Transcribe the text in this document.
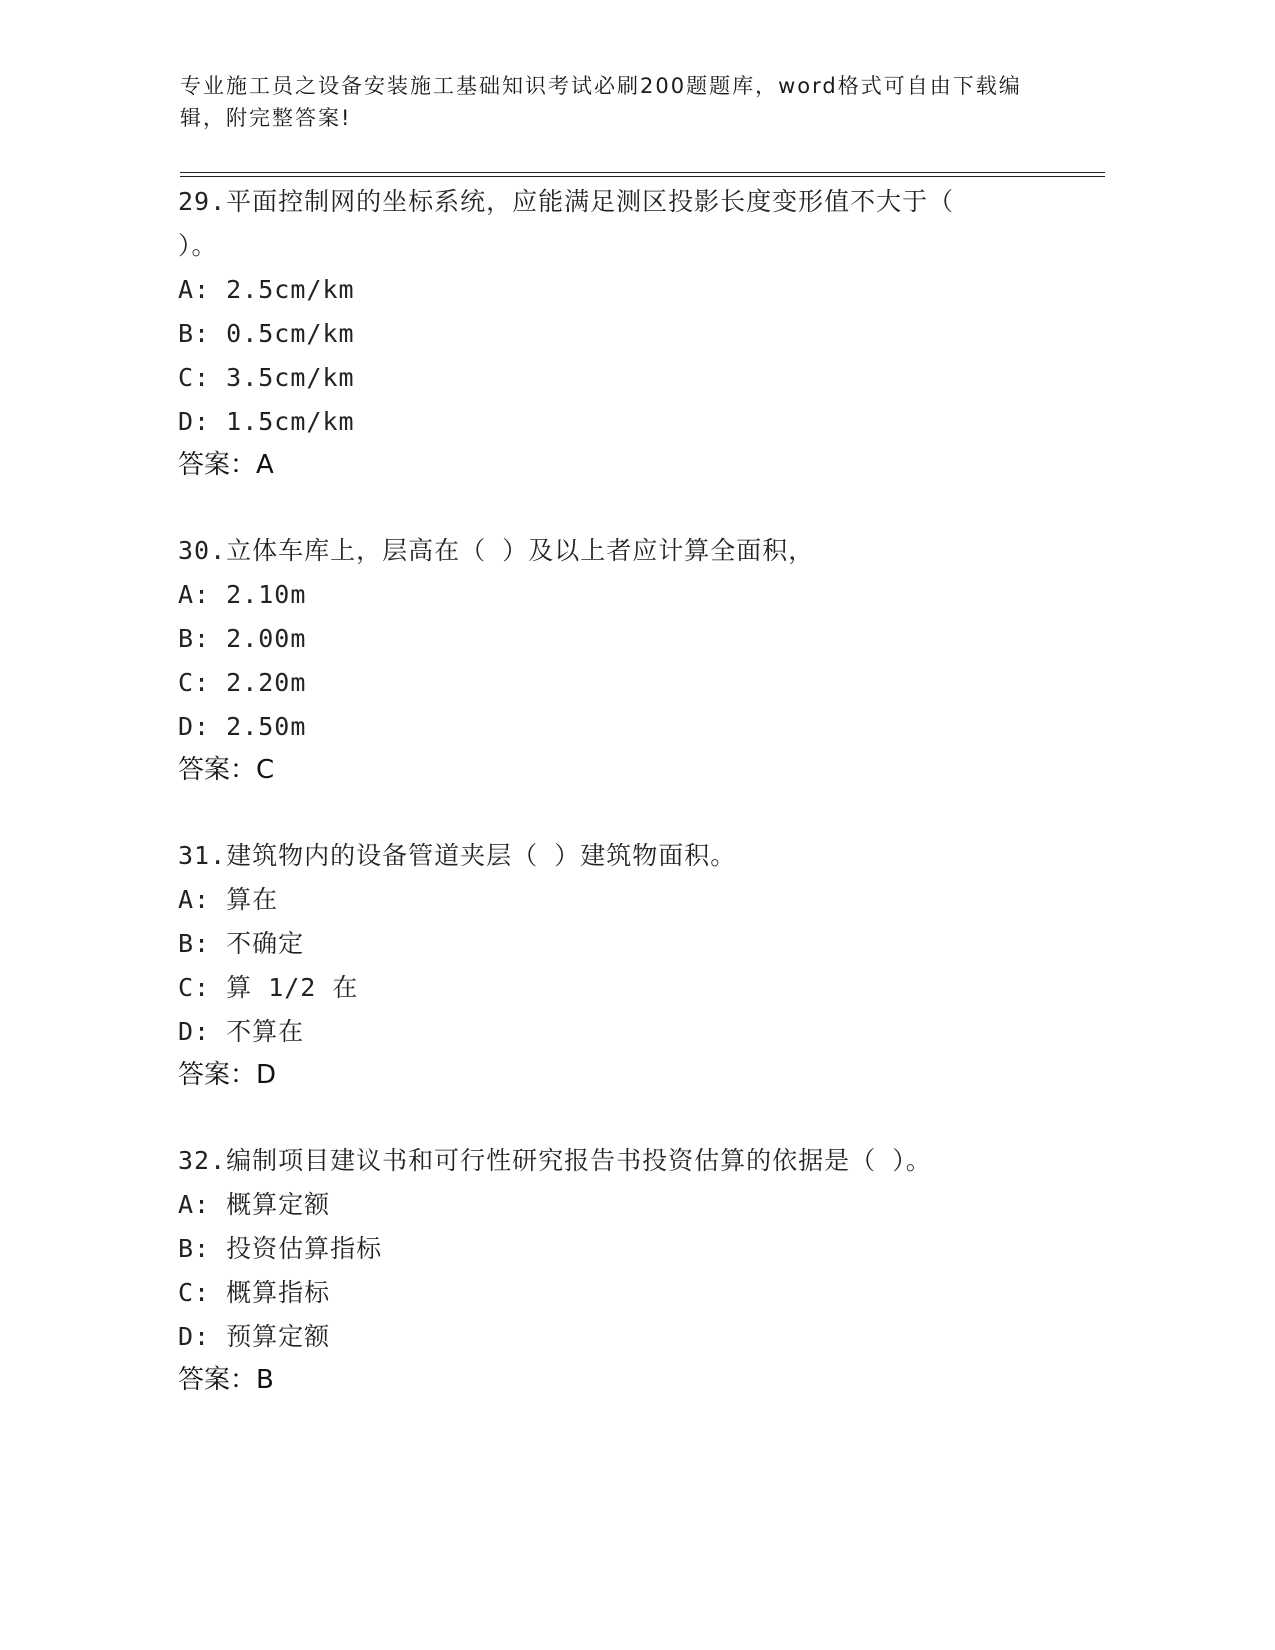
专业施工员之设备安装施工基础知识考试必刷200题题库，word格式可自由下载编辑，附完整答案!
29.平面控制网的坐标系统，应能满足测区投影长度变形值不大于（ ）。
A: 2.5cm/km
B: 0.5cm/km
C: 3.5cm/km
D: 1.5cm/km
答案：A
30.立体车库上，层高在（ ）及以上者应计算全面积，
A: 2.10m
B: 2.00m
C: 2.20m
D: 2.50m
答案：C
31.建筑物内的设备管道夹层（ ）建筑物面积。
A: 算在
B: 不确定
C: 算 1/2 在
D: 不算在
答案：D
32.编制项目建议书和可行性研究报告书投资估算的依据是（ ）。
A: 概算定额
B: 投资估算指标
C: 概算指标
D: 预算定额
答案：B
